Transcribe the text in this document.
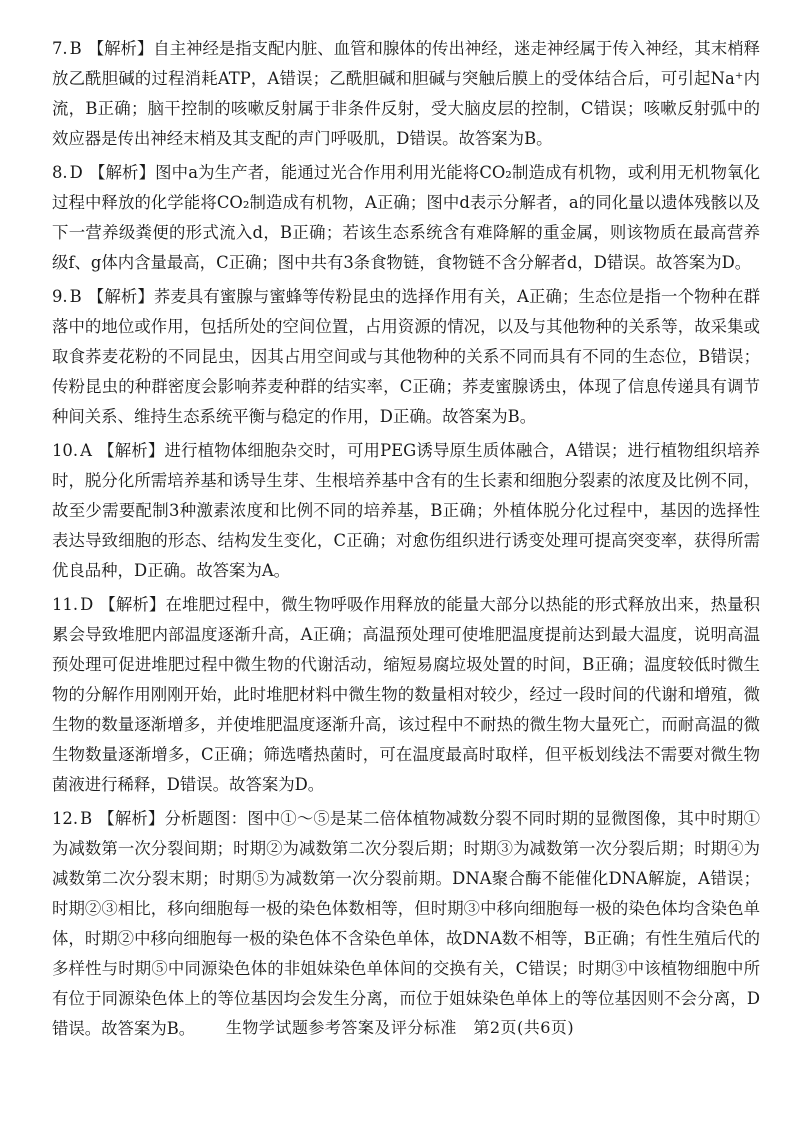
7. B 【解析】自主神经是指支配内脏、血管和腺体的传出神经，迷走神经属于传入神经，其末梢释放乙酰胆碱的过程消耗ATP，A错误；乙酰胆碱和胆碱与突触后膜上的受体结合后，可引起Na⁺内流，B正确；脑干控制的咳嗽反射属于非条件反射，受大脑皮层的控制，C错误；咳嗽反射弧中的效应器是传出神经末梢及其支配的声门呼吸肌，D错误。故答案为B。

8. D 【解析】图中a为生产者，能通过光合作用利用光能将CO₂制造成有机物，或利用无机物氧化过程中释放的化学能将CO₂制造成有机物，A正确；图中d表示分解者，a的同化量以遗体残骸以及下一营养级粪便的形式流入d，B正确；若该生态系统含有难降解的重金属，则该物质在最高营养级f、g体内含量最高，C正确；图中共有3条食物链，食物链不含分解者d，D错误。故答案为D。

9. B 【解析】荞麦具有蜜腺与蜜蜂等传粉昆虫的选择作用有关，A正确；生态位是指一个物种在群落中的地位或作用，包括所处的空间位置，占用资源的情况，以及与其他物种的关系等，故采集或取食荞麦花粉的不同昆虫，因其占用空间或与其他物种的关系不同而具有不同的生态位，B错误；传粉昆虫的种群密度会影响荞麦种群的结实率，C正确；荞麦蜜腺诱虫，体现了信息传递具有调节种间关系、维持生态系统平衡与稳定的作用，D正确。故答案为B。

10. A 【解析】进行植物体细胞杂交时，可用PEG诱导原生质体融合，A错误；进行植物组织培养时，脱分化所需培养基和诱导生芽、生根培养基中含有的生长素和细胞分裂素的浓度及比例不同，故至少需要配制3种激素浓度和比例不同的培养基，B正确；外植体脱分化过程中，基因的选择性表达导致细胞的形态、结构发生变化，C正确；对愈伤组织进行诱变处理可提高突变率，获得所需优良品种，D正确。故答案为A。

11. D 【解析】在堆肥过程中，微生物呼吸作用释放的能量大部分以热能的形式释放出来，热量积累会导致堆肥内部温度逐渐升高，A正确；高温预处理可使堆肥温度提前达到最大温度，说明高温预处理可促进堆肥过程中微生物的代谢活动，缩短易腐垃圾处置的时间，B正确；温度较低时微生物的分解作用刚刚开始，此时堆肥材料中微生物的数量相对较少，经过一段时间的代谢和增殖，微生物的数量逐渐增多，并使堆肥温度逐渐升高，该过程中不耐热的微生物大量死亡，而耐高温的微生物数量逐渐增多，C正确；筛选嗜热菌时，可在温度最高时取样，但平板划线法不需要对微生物菌液进行稀释，D错误。故答案为D。

12. B 【解析】分析题图：图中①～⑤是某二倍体植物减数分裂不同时期的显微图像，其中时期①为减数第一次分裂间期；时期②为减数第二次分裂后期；时期③为减数第一次分裂后期；时期④为减数第二次分裂末期；时期⑤为减数第一次分裂前期。DNA聚合酶不能催化DNA解旋，A错误；时期②③相比，移向细胞每一极的染色体数相等，但时期③中移向细胞每一极的染色体均含染色单体，时期②中移向细胞每一极的染色体不含染色单体，故DNA数不相等，B正确；有性生殖后代的多样性与时期⑤中同源染色体的非姐妹染色单体间的交换有关，C错误；时期③中该植物细胞中所有位于同源染色体上的等位基因均会发生分离，而位于姐妹染色单体上的等位基因则不会分离，D错误。故答案为B。	生物学试题参考答案及评分标准　第2页(共6页)
